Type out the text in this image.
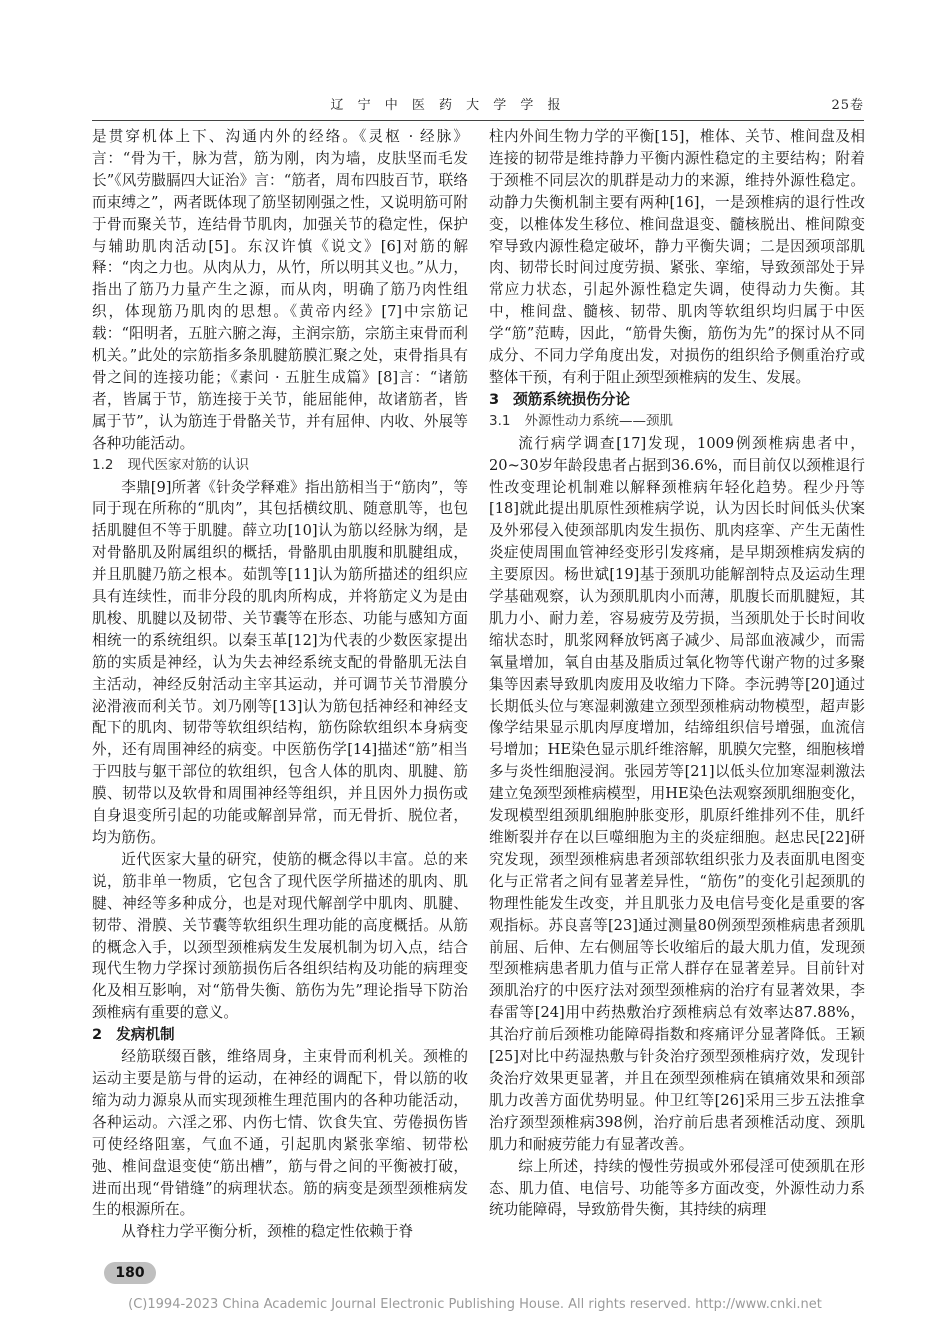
辽 宁 中 医 药 大 学 学 报	25卷

是贯穿机体上下、沟通内外的经络。《灵枢 · 经脉》言：“骨为干，脉为营，筋为刚，肉为墙，皮肤坚而毛发长”《风劳臌膈四大证治》言：“筋者，周布四肢百节，联络而束缚之”，两者既体现了筋坚韧刚强之性，又说明筋可附于骨而聚关节，连结骨节肌肉，加强关节的稳定性，保护与辅助肌肉活动[5]。东汉许慎《说文》[6]对筋的解释：“肉之力也。从肉从力，从竹，所以明其义也。”从力，指出了筋乃力量产生之源，而从肉，明确了筋乃肉性组织，体现筋乃肌肉的思想。《黄帝内经》[7]中宗筋记载：“阳明者，五脏六腑之海，主润宗筋，宗筋主束骨而利机关。”此处的宗筋指多条肌腱筋膜汇聚之处，束骨指具有骨之间的连接功能；《素问 · 五脏生成篇》[8]言：“诸筋者，皆属于节，筋连接于关节，能屈能伸，故诸筋者，皆属于节”，认为筋连于骨骼关节，并有屈伸、内收、外展等各种功能活动。

1.2 现代医家对筋的认识

李鼎[9]所著《针灸学释难》指出筋相当于“筋肉”，等同于现在所称的“肌肉”，其包括横纹肌、随意肌等，也包括肌腱但不等于肌腱。薛立功[10]认为筋以经脉为纲，是对骨骼肌及附属组织的概括，骨骼肌由肌腹和肌腱组成，并且肌腱乃筋之根本。茹凯等[11]认为筋所描述的组织应具有连续性，而非分段的肌肉所构成，并将筋定义为是由肌梭、肌腱以及韧带、关节囊等在形态、功能与感知方面相统一的系统组织。以秦玉革[12]为代表的少数医家提出筋的实质是神经，认为失去神经系统支配的骨骼肌无法自主活动，神经反射活动主宰其运动，并可调节关节滑膜分泌滑液而利关节。刘乃刚等[13]认为筋包括神经和神经支配下的肌肉、韧带等软组织结构，筋伤除软组织本身病变外，还有周围神经的病变。中医筋伤学[14]描述“筋”相当于四肢与躯干部位的软组织，包含人体的肌肉、肌腱、筋膜、韧带以及软骨和周围神经等组织，并且因外力损伤或自身退变所引起的功能或解剖异常，而无骨折、脱位者，均为筋伤。

近代医家大量的研究，使筋的概念得以丰富。总的来说，筋非单一物质，它包含了现代医学所描述的肌肉、肌腱、神经等多种成分，也是对现代解剖学中肌肉、肌腱、韧带、滑膜、关节囊等软组织生理功能的高度概括。从筋的概念入手，以颈型颈椎病发生发展机制为切入点，结合现代生物力学探讨颈筋损伤后各组织结构及功能的病理变化及相互影响，对“筋骨失衡、筋伤为先”理论指导下防治颈椎病有重要的意义。

2 发病机制

经筋联缀百骸，维络周身，主束骨而利机关。颈椎的运动主要是筋与骨的运动，在神经的调配下，骨以筋的收缩为动力源泉从而实现颈椎生理范围内的各种功能活动，各种运动。六淫之邪、内伤七情、饮食失宜、劳倦损伤皆可使经络阻塞，气血不通，引起肌肉紧张挛缩、韧带松弛、椎间盘退变使“筋出槽”，筋与骨之间的平衡被打破，进而出现“骨错缝”的病理状态。筋的病变是颈型颈椎病发生的根源所在。

从脊柱力学平衡分析，颈椎的稳定性依赖于脊

柱内外间生物力学的平衡[15]，椎体、关节、椎间盘及相连接的韧带是维持静力平衡内源性稳定的主要结构；附着于颈椎不同层次的肌群是动力的来源，维持外源性稳定。动静力失衡机制主要有两种[16]，一是颈椎病的退行性改变，以椎体发生移位、椎间盘退变、髓核脱出、椎间隙变窄导致内源性稳定破坏，静力平衡失调；二是因颈项部肌肉、韧带长时间过度劳损、紧张、挛缩，导致颈部处于异常应力状态，引起外源性稳定失调，使得动力失衡。其中，椎间盘、髓核、韧带、肌肉等软组织均归属于中医学“筋”范畴，因此，“筋骨失衡，筋伤为先”的探讨从不同成分、不同力学角度出发，对损伤的组织给予侧重治疗或整体干预，有利于阻止颈型颈椎病的发生、发展。

3 颈筋系统损伤分论
3.1 外源性动力系统——颈肌

流行病学调查[17]发现，1009例颈椎病患者中，20~30岁年龄段患者占据到36.6%，而目前仅以颈椎退行性改变理论机制难以解释颈椎病年轻化趋势。程少丹等[18]就此提出肌原性颈椎病学说，认为因长时间低头伏案及外邪侵入使颈部肌肉发生损伤、肌肉痉挛、产生无菌性炎症使周围血管神经变形引发疼痛，是早期颈椎病发病的主要原因。杨世斌[19]基于颈肌功能解剖特点及运动生理学基础观察，认为颈肌肌肉小而薄，肌腹长而肌腱短，其肌力小、耐力差，容易疲劳及劳损，当颈肌处于长时间收缩状态时，肌浆网释放钙离子减少、局部血液减少，而需氧量增加，氧自由基及脂质过氧化物等代谢产物的过多聚集等因素导致肌肉废用及收缩力下降。李沅骋等[20]通过长期低头位与寒湿刺激建立颈型颈椎病动物模型，超声影像学结果显示肌肉厚度增加，结缔组织信号增强，血流信号增加；HE染色显示肌纤维溶解，肌膜欠完整，细胞核增多与炎性细胞浸润。张园芳等[21]以低头位加寒湿刺激法建立兔颈型颈椎病模型，用HE染色法观察颈肌细胞变化，发现模型组颈肌细胞肿胀变形，肌原纤维排列不佳，肌纤维断裂并存在以巨噬细胞为主的炎症细胞。赵忠民[22]研究发现，颈型颈椎病患者颈部软组织张力及表面肌电图变化与正常者之间有显著差异性，“筋伤”的变化引起颈肌的物理性能发生改变，并且肌张力及电信号变化是重要的客观指标。苏良喜等[23]通过测量80例颈型颈椎病患者颈肌前屈、后伸、左右侧屈等长收缩后的最大肌力值，发现颈型颈椎病患者肌力值与正常人群存在显著差异。目前针对颈肌治疗的中医疗法对颈型颈椎病的治疗有显著效果，李春雷等[24]用中药热敷治疗颈椎病总有效率达87.88%，其治疗前后颈椎功能障碍指数和疼痛评分显著降低。王颖[25]对比中药湿热敷与针灸治疗颈型颈椎病疗效，发现针灸治疗效果更显著，并且在颈型颈椎病在镇痛效果和颈部肌力改善方面优势明显。仲卫红等[26]采用三步五法推拿治疗颈型颈椎病398例，治疗前后患者颈椎活动度、颈肌肌力和耐疲劳能力有显著改善。

综上所述，持续的慢性劳损或外邪侵淫可使颈肌在形态、肌力值、电信号、功能等多方面改变，外源性动力系统功能障碍，导致筋骨失衡，其持续的病理

180
(C)1994-2023 China Academic Journal Electronic Publishing House. All rights reserved. http://www.cnki.net
